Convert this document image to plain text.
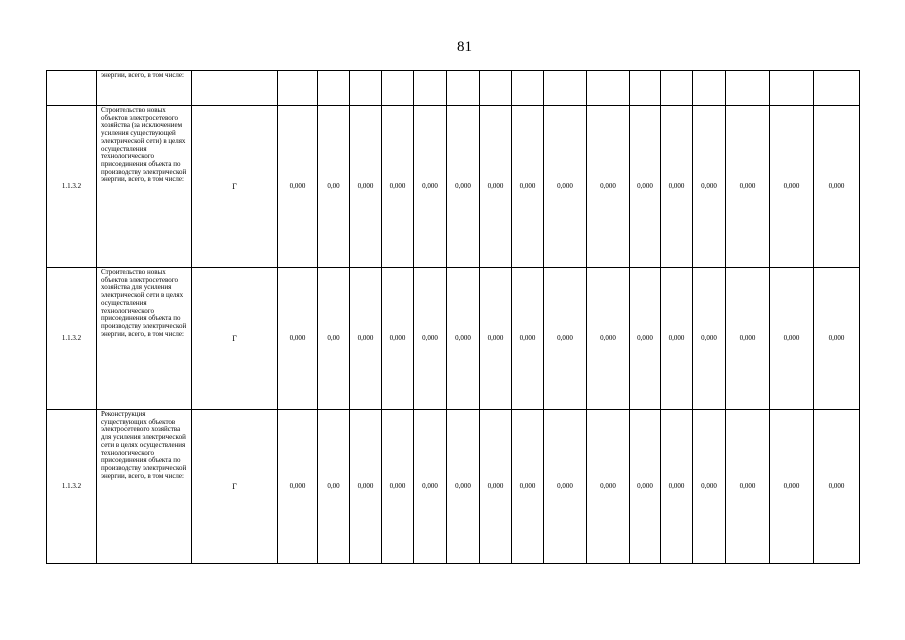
81
	энергии, всего, в том числе:																	
1.1.3.2	Строительство новых объектов электросетевого хозяйства (за исключением усиления существующей электрической сети) в целях осуществления технологического присоединения объекта по производству электрической энергии, всего, в том числе:	Г	0,000	0,00	0,000	0,000	0,000	0,000	0,000	0,000	0,000	0,000	0,000	0,000	0,000	0,000	0,000	0,000
1.1.3.2	Строительство новых объектов электросетевого хозяйства для усиления электрической сети в целях осуществления технологического присоединения объекта по производству электрической энергии, всего, в том числе:	Г	0,000	0,00	0,000	0,000	0,000	0,000	0,000	0,000	0,000	0,000	0,000	0,000	0,000	0,000	0,000	0,000
1.1.3.2	Реконструкция существующих объектов электросетевого хозяйства для усиления электрической сети в целях осуществления технологического присоединения объекта по производству электрической энергии, всего, в том числе:	Г	0,000	0,00	0,000	0,000	0,000	0,000	0,000	0,000	0,000	0,000	0,000	0,000	0,000	0,000	0,000	0,000
